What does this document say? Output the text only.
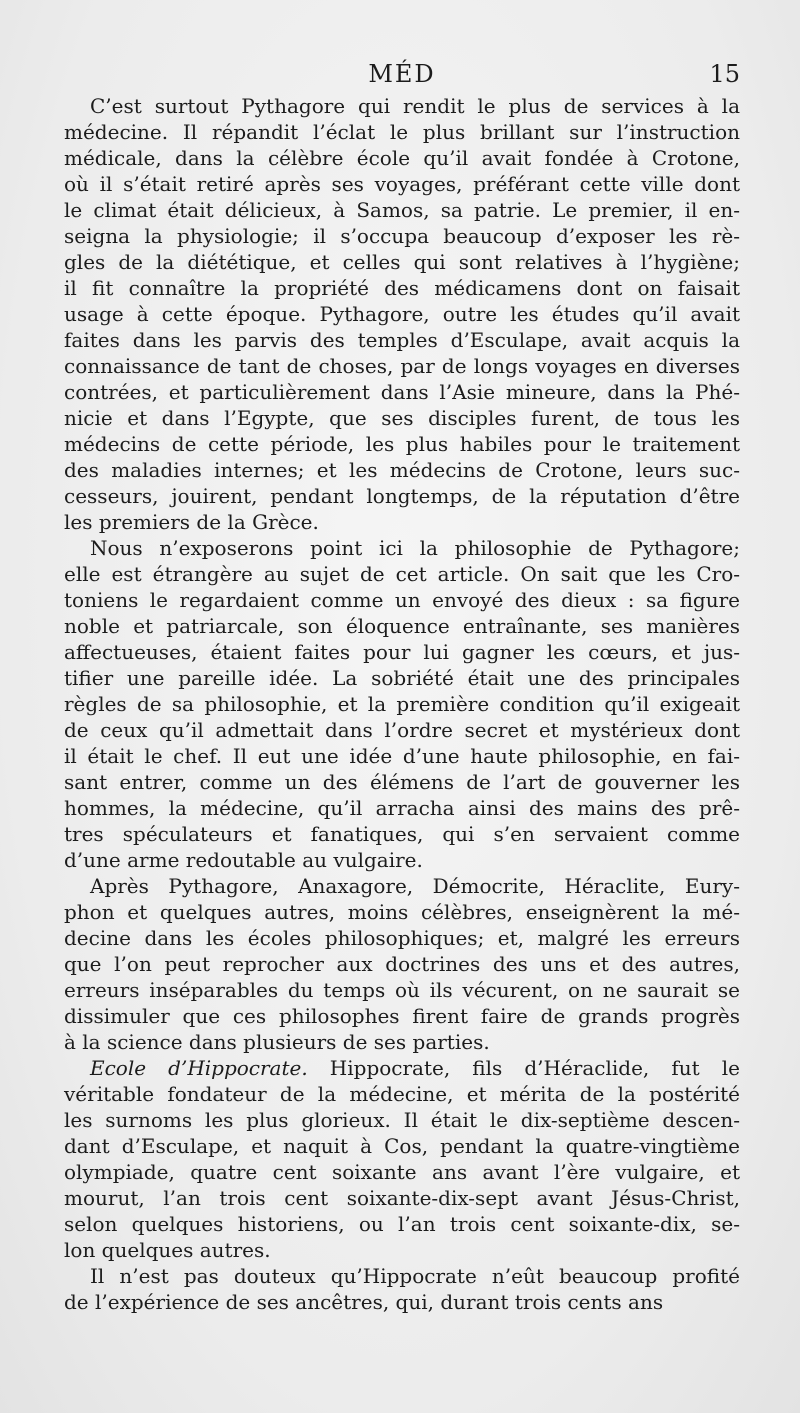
MÉD	15
C’est surtout Pythagore qui rendit le plus de services à la
médecine. Il répandit l’éclat le plus brillant sur l’instruction
médicale, dans la célèbre école qu’il avait fondée à Crotone,
où il s’était retiré après ses voyages, préférant cette ville dont
le climat était délicieux, à Samos, sa patrie. Le premier, il en-
seigna la physiologie; il s’occupa beaucoup d’exposer les rè-
gles de la diététique, et celles qui sont relatives à l’hygiène;
il fit connaître la propriété des médicamens dont on faisait
usage à cette époque. Pythagore, outre les études qu’il avait
faites dans les parvis des temples d’Esculape, avait acquis la
connaissance de tant de choses, par de longs voyages en diverses
contrées, et particulièrement dans l’Asie mineure, dans la Phé-
nicie et dans l’Egypte, que ses disciples furent, de tous les
médecins de cette période, les plus habiles pour le traitement
des maladies internes; et les médecins de Crotone, leurs suc-
cesseurs, jouirent, pendant longtemps, de la réputation d’être
les premiers de la Grèce.
Nous n’exposerons point ici la philosophie de Pythagore;
elle est étrangère au sujet de cet article. On sait que les Cro-
toniens le regardaient comme un envoyé des dieux : sa figure
noble et patriarcale, son éloquence entraînante, ses manières
affectueuses, étaient faites pour lui gagner les cœurs, et jus-
tifier une pareille idée. La sobriété était une des principales
règles de sa philosophie, et la première condition qu’il exigeait
de ceux qu’il admettait dans l’ordre secret et mystérieux dont
il était le chef. Il eut une idée d’une haute philosophie, en fai-
sant entrer, comme un des élémens de l’art de gouverner les
hommes, la médecine, qu’il arracha ainsi des mains des prê-
tres spéculateurs et fanatiques, qui s’en servaient comme
d’une arme redoutable au vulgaire.
Après Pythagore, Anaxagore, Démocrite, Héraclite, Eury-
phon et quelques autres, moins célèbres, enseignèrent la mé-
decine dans les écoles philosophiques; et, malgré les erreurs
que l’on peut reprocher aux doctrines des uns et des autres,
erreurs inséparables du temps où ils vécurent, on ne saurait se
dissimuler que ces philosophes firent faire de grands progrès
à la science dans plusieurs de ses parties.
Ecole d’Hippocrate. Hippocrate, fils d’Héraclide, fut le
véritable fondateur de la médecine, et mérita de la postérité
les surnoms les plus glorieux. Il était le dix-septième descen-
dant d’Esculape, et naquit à Cos, pendant la quatre-vingtième
olympiade, quatre cent soixante ans avant l’ère vulgaire, et
mourut, l’an trois cent soixante-dix-sept avant Jésus-Christ,
selon quelques historiens, ou l’an trois cent soixante-dix, se-
lon quelques autres.
Il n’est pas douteux qu’Hippocrate n’eût beaucoup profité
de l’expérience de ses ancêtres, qui, durant trois cents ans
